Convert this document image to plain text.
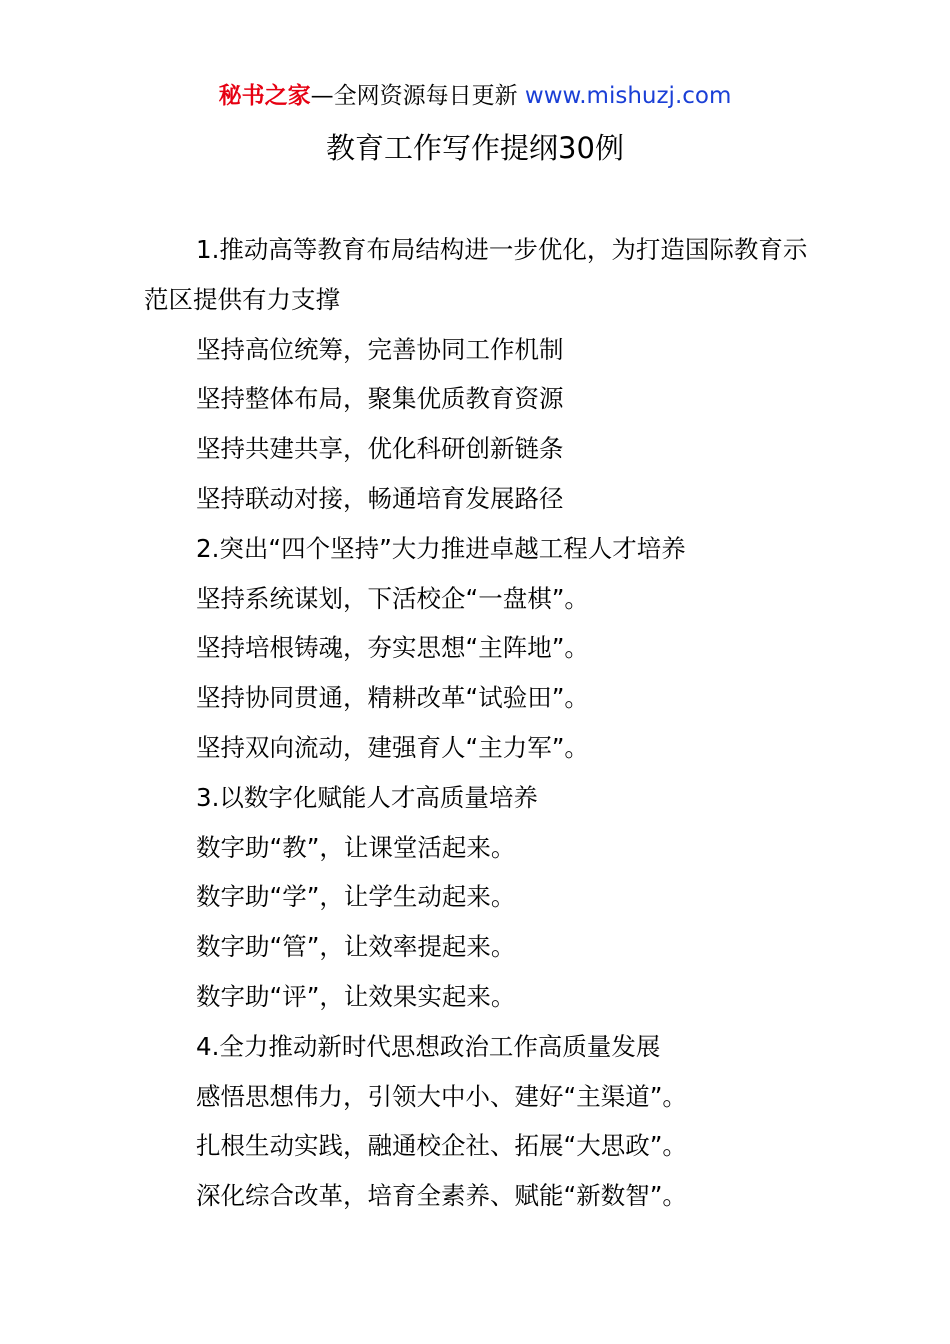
秘书之家—全网资源每日更新 www.mishuzj.com
教育工作写作提纲30例

1.推动高等教育布局结构进一步优化，为打造国际教育示范区提供有力支撑

坚持高位统筹，完善协同工作机制

坚持整体布局，聚集优质教育资源

坚持共建共享，优化科研创新链条

坚持联动对接，畅通培育发展路径

2.突出“四个坚持”大力推进卓越工程人才培养

坚持系统谋划，下活校企“一盘棋”。

坚持培根铸魂，夯实思想“主阵地”。

坚持协同贯通，精耕改革“试验田”。

坚持双向流动，建强育人“主力军”。

3.以数字化赋能人才高质量培养

数字助“教”，让课堂活起来。

数字助“学”，让学生动起来。

数字助“管”，让效率提起来。

数字助“评”，让效果实起来。

4.全力推动新时代思想政治工作高质量发展

感悟思想伟力，引领大中小、建好“主渠道”。

扎根生动实践，融通校企社、拓展“大思政”。

深化综合改革，培育全素养、赋能“新数智”。
